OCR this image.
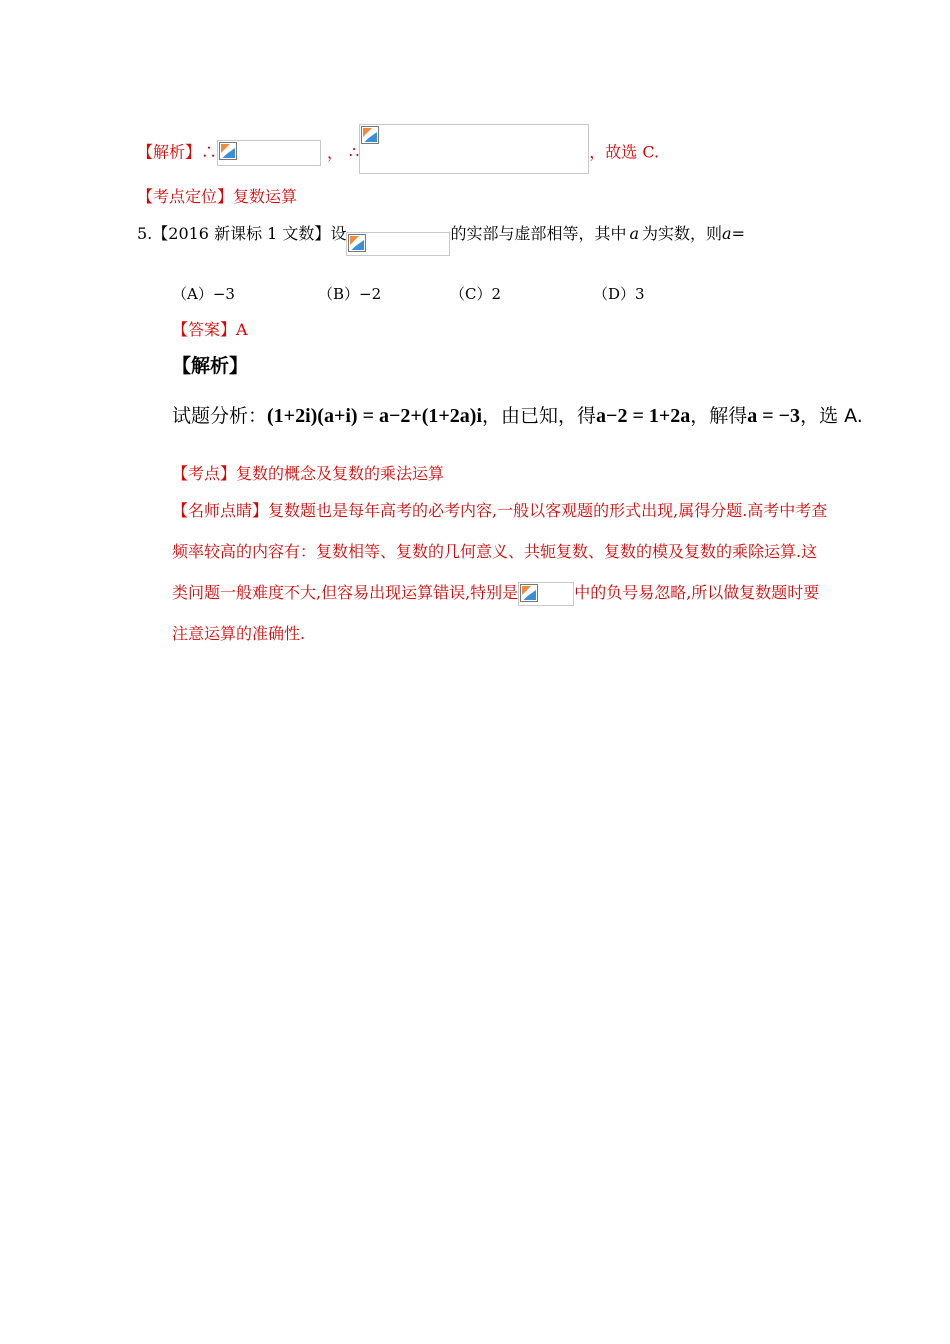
【解析】∴	， ∴	，故选 C.
【考点定位】复数运算
5.【2016 新课标 1 文数】设	的实部与虚部相等，其中 a 为实数，则a=
（A）−3	（B）−2	（C）2	（D）3
【答案】A
【解析】
试题分析：(1+2i)(a+i) = a−2+(1+2a)i，由已知，得a−2 = 1+2a，解得a = −3，选 A.
【考点】复数的概念及复数的乘法运算
【名师点睛】复数题也是每年高考的必考内容,一般以客观题的形式出现,属得分题.高考中考查频率较高的内容有：复数相等、复数的几何意义、共轭复数、复数的模及复数的乘除运算.这类问题一般难度不大,但容易出现运算错误,特别是	中的负号易忽略,所以做复数题时要注意运算的准确性.
